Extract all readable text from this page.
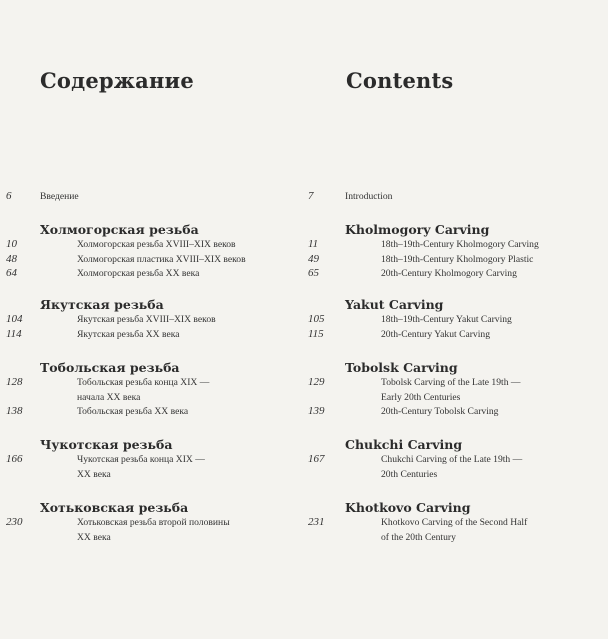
Содержание
6	Введение
Холмогорская резьба
10	Холмогорская резьба XVIII–XIX веков
48	Холмогорская пластика XVIII–XIX веков
64	Холмогорская резьба XX века
Якутская резьба
104	Якутская резьба XVIII–XIX веков
114	Якутская резьба XX века
Тобольская резьба
128	Тобольская резьба конца XIX —
начала XX века
138	Тобольская резьба XX века
Чукотская резьба
166	Чукотская резьба конца XIX —
XX века
Хотьковская резьба
230	Хотьковская резьба второй половины
XX века
Contents
7	Introduction
Kholmogory Carving
11	18th–19th-Century Kholmogory Carving
49	18th–19th-Century Kholmogory Plastic
65	20th-Century Kholmogory Carving
Yakut Carving
105	18th–19th-Century Yakut Carving
115	20th-Century Yakut Carving
Tobolsk Carving
129	Tobolsk Carving of the Late 19th —
Early 20th Centuries
139	20th-Century Tobolsk Carving
Chukchi Carving
167	Chukchi Carving of the Late 19th —
20th Centuries
Khotkovo Carving
231	Khotkovo Carving of the Second Half
of the 20th Century
